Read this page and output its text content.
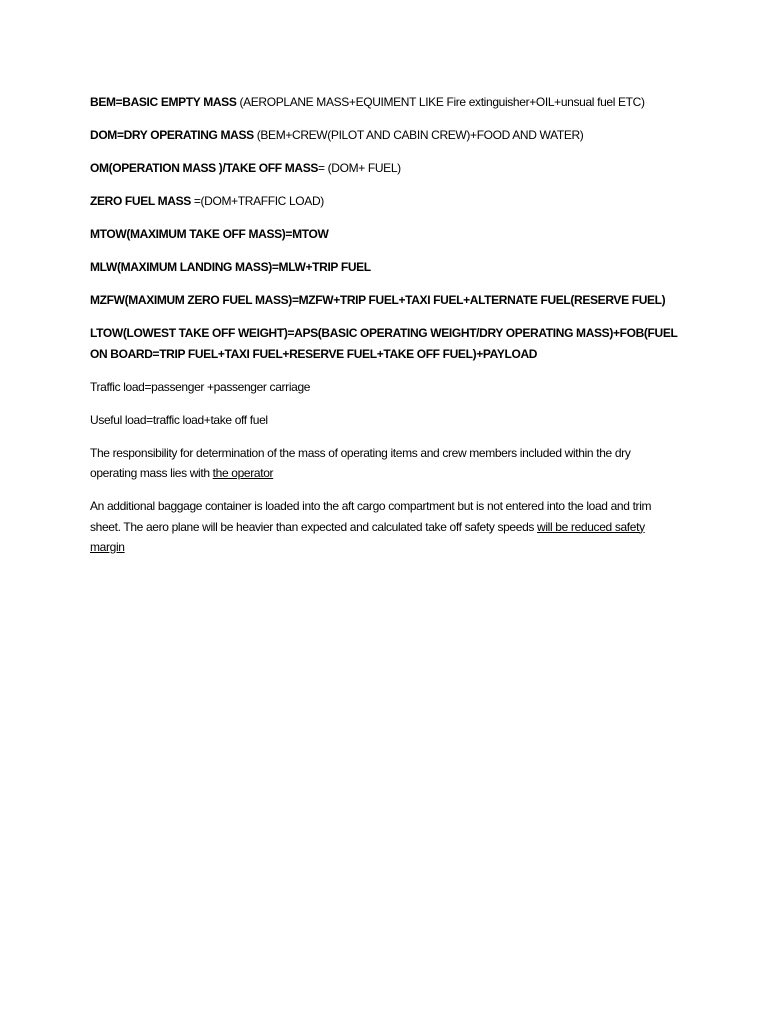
BEM=BASIC EMPTY MASS (AEROPLANE MASS+EQUIMENT LIKE Fire extinguisher+OIL+unsual fuel ETC)

DOM=DRY OPERATING MASS (BEM+CREW(PILOT AND CABIN CREW)+FOOD AND WATER)

OM(OPERATION MASS )/TAKE OFF MASS= (DOM+ FUEL)

ZERO FUEL MASS =(DOM+TRAFFIC LOAD)

MTOW(MAXIMUM TAKE OFF MASS)=MTOW

MLW(MAXIMUM LANDING MASS)=MLW+TRIP FUEL

MZFW(MAXIMUM ZERO FUEL MASS)=MZFW+TRIP FUEL+TAXI FUEL+ALTERNATE FUEL(RESERVE FUEL)

LTOW(LOWEST TAKE OFF WEIGHT)=APS(BASIC OPERATING WEIGHT/DRY OPERATING MASS)+FOB(FUEL ON BOARD=TRIP FUEL+TAXI FUEL+RESERVE FUEL+TAKE OFF FUEL)+PAYLOAD

Traffic load=passenger +passenger carriage

Useful load=traffic load+take off fuel

The responsibility for determination of the mass of operating items and crew members included within the dry operating mass lies with the operator

An additional baggage container is loaded into the aft cargo compartment but is not entered into the load and trim sheet. The aero plane will be heavier than expected and calculated take off safety speeds will be reduced safety margin
